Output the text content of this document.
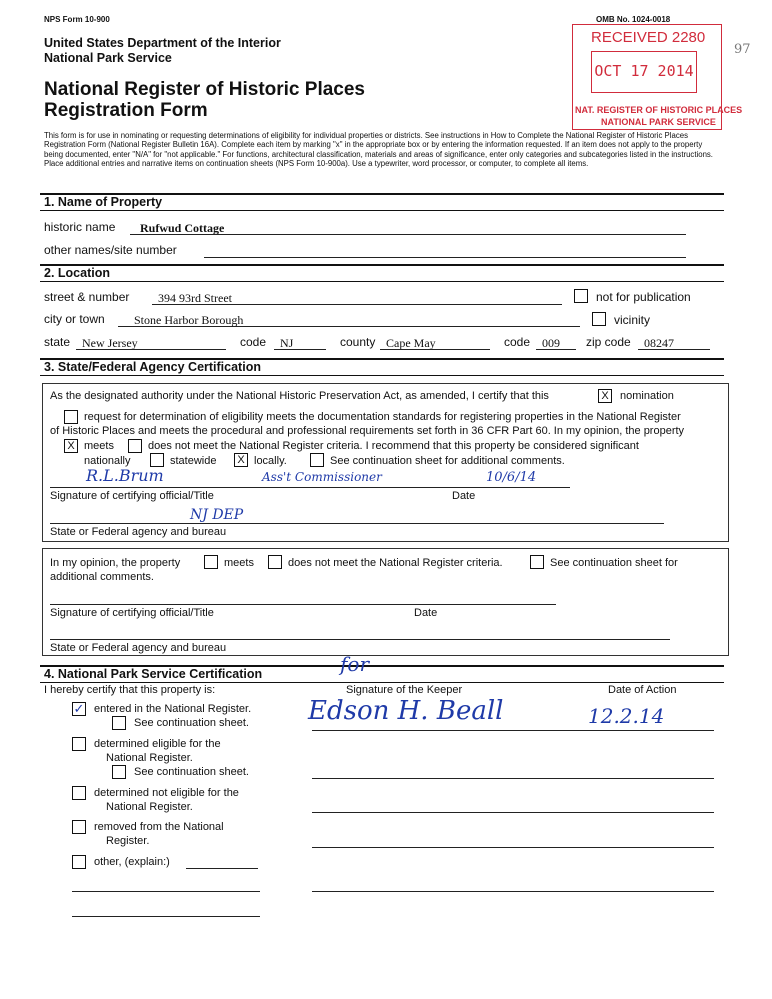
NPS Form 10-900	OMB No. 1024-0018
United States Department of the Interior
National Park Service
National Register of Historic Places
Registration Form
This form is for use in nominating or requesting determinations of eligibility for individual properties or districts. See instructions in How to Complete the National Register of Historic Places Registration Form (National Register Bulletin 16A). Complete each item by marking "x" in the appropriate box or by entering the information requested. If an item does not apply to the property being documented, enter "N/A" for "not applicable." For functions, architectural classification, materials and areas of significance, enter only categories and subcategories listed in the instructions. Place additional entries and narrative items on continuation sheets (NPS Form 10-900a). Use a typewriter, word processor, or computer, to complete all items.
RECEIVED 2280
OCT 17 2014
NAT. REGISTER OF HISTORIC PLACES
NATIONAL PARK SERVICE
97
1. Name of Property
historic name Rufwud Cottage
other names/site number
2. Location
street & number 394 93rd Street	not for publication
city or town Stone Harbor Borough	vicinity
state New Jersey	code NJ	county Cape May	code 009 zip code 08247
3. State/Federal Agency Certification
As the designated authority under the National Historic Preservation Act, as amended, I certify that this	X	nomination
request for determination of eligibility meets the documentation standards for registering properties in the National Register
of Historic Places and meets the procedural and professional requirements set forth in 36 CFR Part 60. In my opinion, the property
X meets	does not meet the National Register criteria. I recommend that this property be considered significant
nationally	statewide	X locally.	See continuation sheet for additional comments.
R.L.Brum	Ass't Commissioner	10/6/14
Signature of certifying official/Title	Date
NJ DEP
State or Federal agency and bureau
In my opinion, the property	meets	does not meet the National Register criteria.	See continuation sheet for
additional comments.
Signature of certifying official/Title	Date
State or Federal agency and bureau
4. National Park Service Certification
I hereby certify that this property is:	Signature of the Keeper	Date of Action
for
Edson H. Beall	12.2.14
✓ entered in the National Register.
See continuation sheet.
determined eligible for the
National Register.
See continuation sheet.
determined not eligible for the
National Register.
removed from the National
Register.
other, (explain:)
